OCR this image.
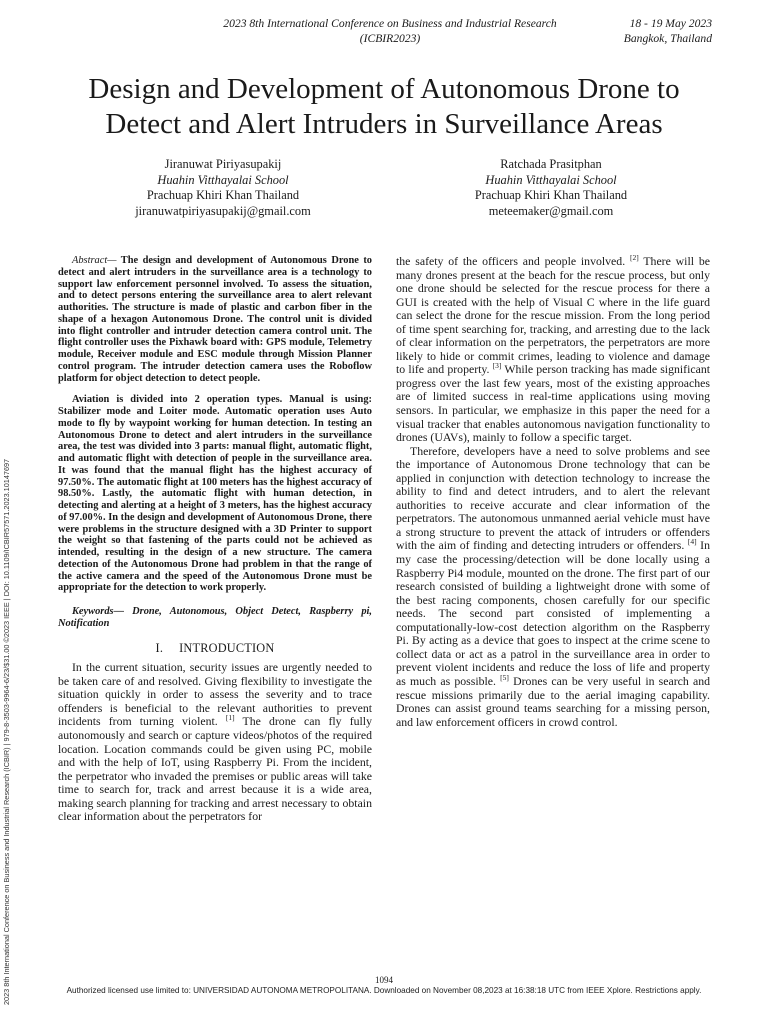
2023 8th International Conference on Business and Industrial Research
(ICBIR2023)
18 - 19 May 2023
Bangkok, Thailand
Design and Development of Autonomous Drone to
Detect and Alert Intruders in Surveillance Areas
Jiranuwat Piriyasupakij
Huahin Vitthayalai School
Prachuap Khiri Khan Thailand
jiranuwatpiriyasupakij@gmail.com
Ratchada Prasitphan
Huahin Vitthayalai School
Prachuap Khiri Khan Thailand
meteemaker@gmail.com
2023 8th International Conference on Business and Industrial Research (ICBIR) | 979-8-3503-9964-6/23/$31.00 ©2023 IEEE | DOI: 10.1109/ICBIR57571.2023.10147697

Abstract— The design and development of Autonomous Drone to detect and alert intruders in the surveillance area is a technology to support law enforcement personnel involved. To assess the situation, and to detect persons entering the surveillance area to alert relevant authorities. The structure is made of plastic and carbon fiber in the shape of a hexagon Autonomous Drone. The control unit is divided into flight controller and intruder detection camera control unit. The flight controller uses the Pixhawk board with: GPS module, Telemetry module, Receiver module and ESC module through Mission Planner control program. The intruder detection camera uses the Roboflow platform for object detection to detect people.

Aviation is divided into 2 operation types. Manual is using: Stabilizer mode and Loiter mode. Automatic operation uses Auto mode to fly by waypoint working for human detection. In testing an Autonomous Drone to detect and alert intruders in the surveillance area, the test was divided into 3 parts: manual flight, automatic flight, and automatic flight with detection of people in the surveillance area. It was found that the manual flight has the highest accuracy of 97.50%. The automatic flight at 100 meters has the highest accuracy of 98.50%. Lastly, the automatic flight with human detection, in detecting and alerting at a height of 3 meters, has the highest accuracy of 97.00%. In the design and development of Autonomous Drone, there were problems in the structure designed with a 3D Printer to support the weight so that fastening of the parts could not be achieved as intended, resulting in the design of a new structure. The camera detection of the Autonomous Drone had problem in that the range of the active camera and the speed of the Autonomous Drone must be appropriate for the detection to work properly.

Keywords— Drone, Autonomous, Object Detect, Raspberry pi, Notification

I. INTRODUCTION

In the current situation, security issues are urgently needed to be taken care of and resolved. Giving flexibility to investigate the situation quickly in order to assess the severity and to trace offenders is beneficial to the relevant authorities to prevent incidents from turning violent. [1] The drone can fly fully autonomously and search or capture videos/photos of the required location. Location commands could be given using PC, mobile and with the help of IoT, using Raspberry Pi. From the incident, the perpetrator who invaded the premises or public areas will take time to search for, track and arrest because it is a wide area, making search planning for tracking and arrest necessary to obtain clear information about the perpetrators for

the safety of the officers and people involved. [2] There will be many drones present at the beach for the rescue process, but only one drone should be selected for the rescue process for there a GUI is created with the help of Visual C where in the life guard can select the drone for the rescue mission. From the long period of time spent searching for, tracking, and arresting due to the lack of clear information on the perpetrators, the perpetrators are more likely to hide or commit crimes, leading to violence and damage to life and property. [3] While person tracking has made significant progress over the last few years, most of the existing approaches are of limited success in real-time applications using moving sensors. In particular, we emphasize in this paper the need for a visual tracker that enables autonomous navigation functionality to drones (UAVs), mainly to follow a specific target.

Therefore, developers have a need to solve problems and see the importance of Autonomous Drone technology that can be applied in conjunction with detection technology to increase the ability to find and detect intruders, and to alert the relevant authorities to receive accurate and clear information of the perpetrators. The autonomous unmanned aerial vehicle must have a strong structure to prevent the attack of intruders or offenders with the aim of finding and detecting intruders or offenders. [4] In my case the processing/detection will be done locally using a Raspberry Pi4 module, mounted on the drone. The first part of our research consisted of building a lightweight drone with some of the best racing components, chosen carefully for our specific needs. The second part consisted of implementing a computationally-low-cost detection algorithm on the Raspberry Pi. By acting as a device that goes to inspect at the crime scene to collect data or act as a patrol in the surveillance area in order to prevent violent incidents and reduce the loss of life and property as much as possible. [5] Drones can be very useful in search and rescue missions primarily due to the aerial imaging capability. Drones can assist ground teams searching for a missing person, and law enforcement officers in crowd control.

1094
Authorized licensed use limited to: UNIVERSIDAD AUTONOMA METROPOLITANA. Downloaded on November 08,2023 at 16:38:18 UTC from IEEE Xplore. Restrictions apply.
